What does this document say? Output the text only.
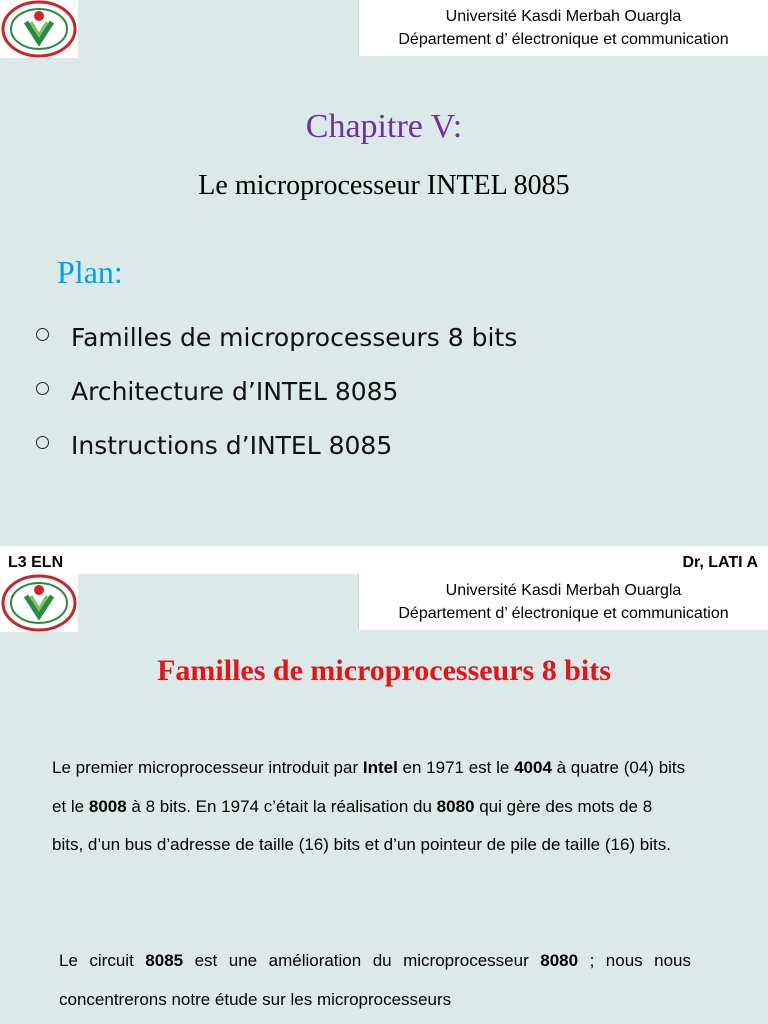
Université Kasdi Merbah Ouargla
Département d’ électronique et communication
Chapitre V:
Le microprocesseur INTEL 8085
Plan:
Familles de microprocesseurs 8 bits
Architecture d’INTEL 8085
Instructions d’INTEL 8085
L3 ELN	Dr, LATI A
Université Kasdi Merbah Ouargla
Département d’ électronique et communication
Familles de microprocesseurs 8 bits
Le premier microprocesseur introduit par Intel en 1971 est le 4004 à quatre (04) bits et le 8008 à 8 bits. En 1974 c’était la réalisation du 8080 qui gère des mots de 8 bits, d’un bus d’adresse de taille (16) bits et d’un pointeur de pile de taille (16) bits.
Le circuit 8085 est une amélioration du microprocesseur 8080 ; nous nous concentrerons notre étude sur les microprocesseurs
